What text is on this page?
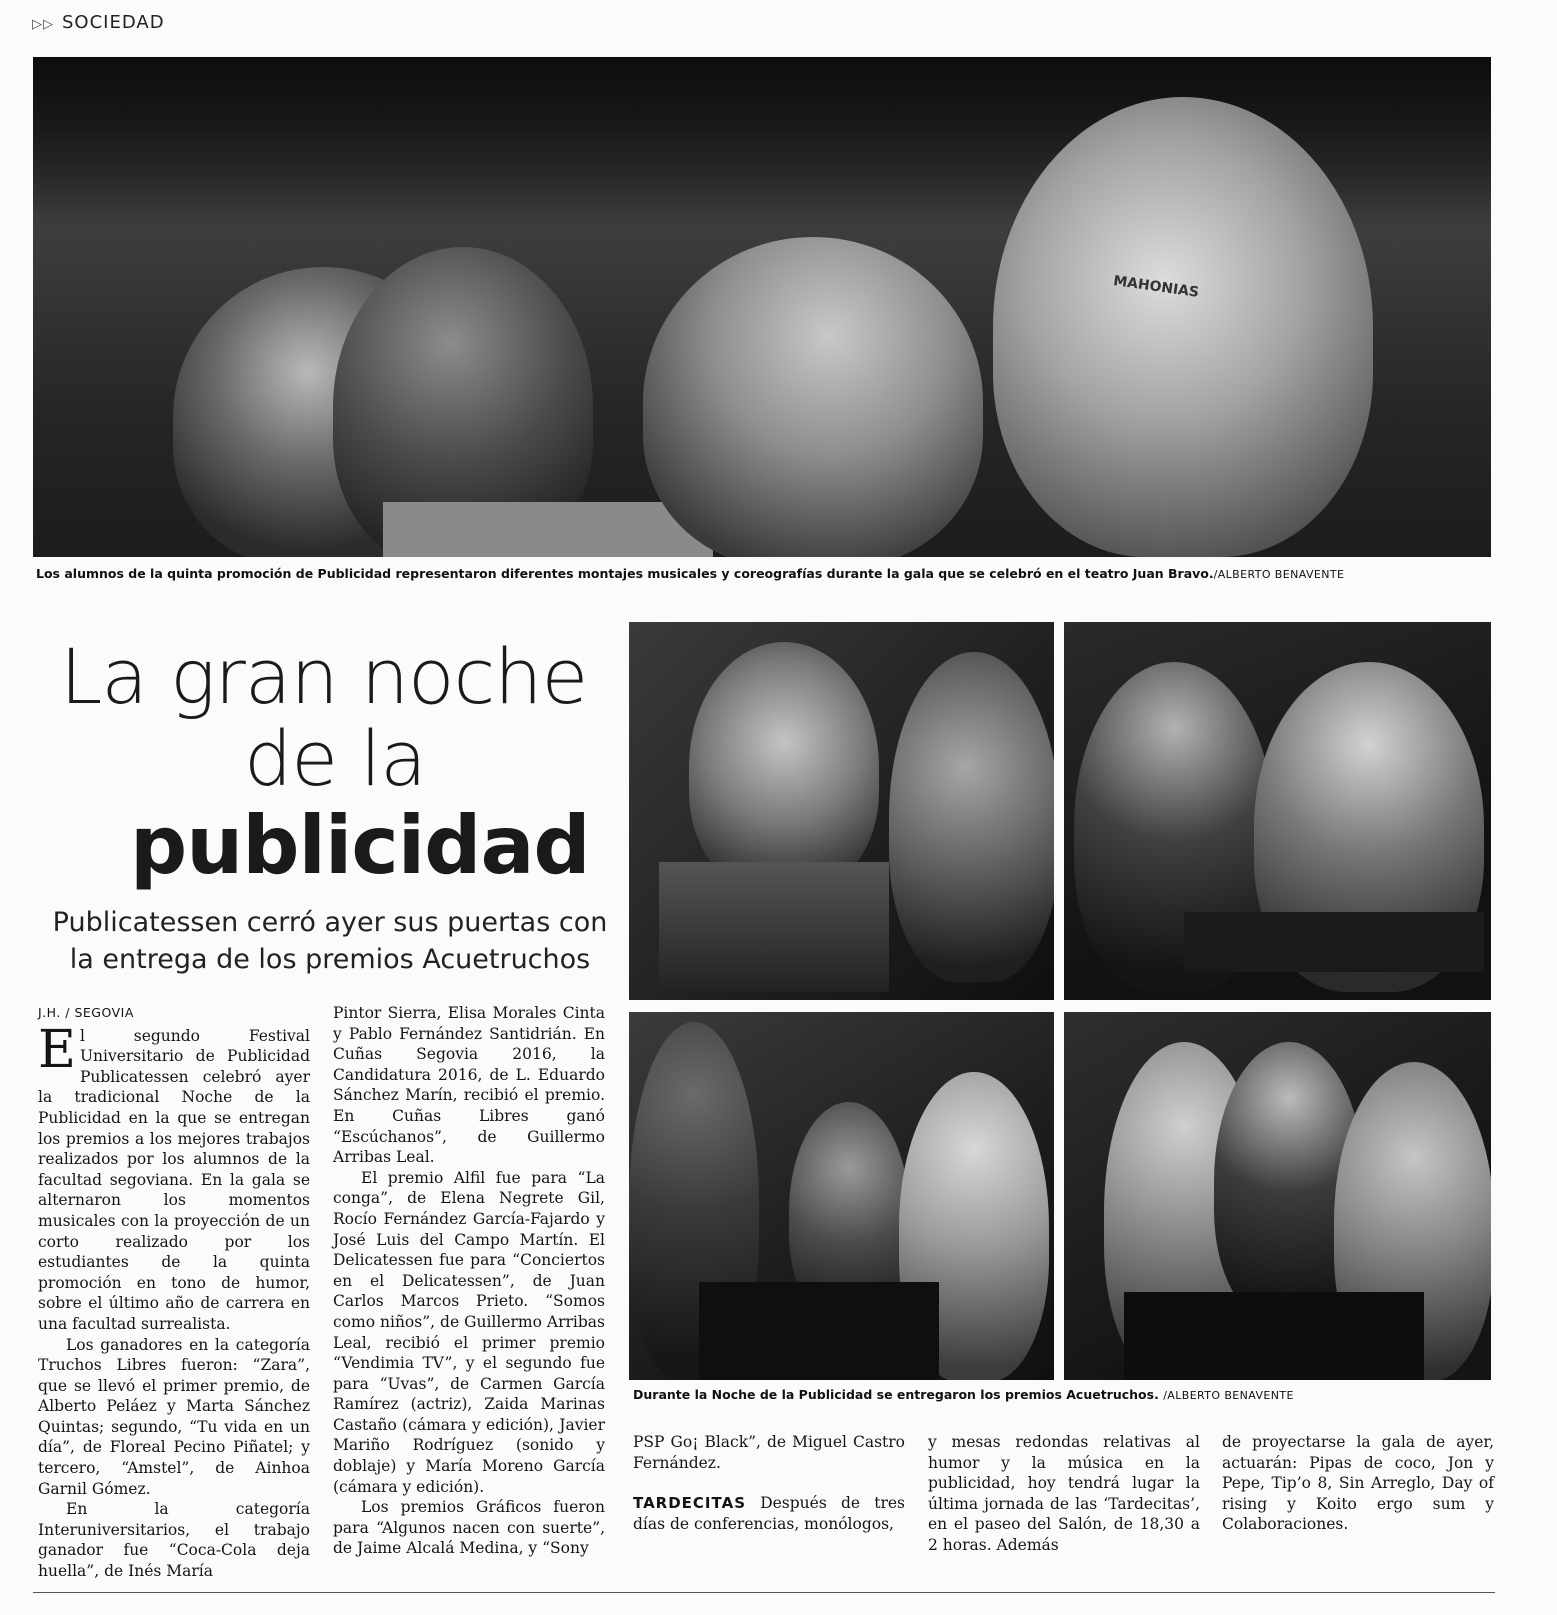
▷▷ SOCIEDAD
MAHONIAS
Los alumnos de la quinta promoción de Publicidad representaron diferentes montajes musicales y coreografías durante la gala que se celebró en el teatro Juan Bravo./ALBERTO BENAVENTE
La gran noche
de la
publicidad
Publicatessen cerró ayer sus puertas con la entrega de los premios Acuetruchos
Durante la Noche de la Publicidad se entregaron los premios Acuetruchos. /ALBERTO BENAVENTE
J.H. / SEGOVIA

El segundo Festival Universitario de Publicidad Publicatessen celebró ayer la tradicional Noche de la Publicidad en la que se entregan los premios a los mejores trabajos realizados por los alumnos de la facultad segoviana. En la gala se alternaron los momentos musicales con la proyección de un corto realizado por los estudiantes de la quinta promoción en tono de humor, sobre el último año de carrera en una facultad surrealista.

Los ganadores en la categoría Truchos Libres fueron: “Zara”, que se llevó el primer premio, de Alberto Peláez y Marta Sánchez Quintas; segundo, “Tu vida en un día”, de Floreal Pecino Piñatel; y tercero, “Amstel”, de Ainhoa Garnil Gómez.

En la categoría Interuniversitarios, el trabajo ganador fue “Coca-Cola deja huella”, de Inés María

Pintor Sierra, Elisa Morales Cinta y Pablo Fernández Santidrián. En Cuñas Segovia 2016, la Candidatura 2016, de L. Eduardo Sánchez Marín, recibió el premio. En Cuñas Libres ganó “Escúchanos”, de Guillermo Arribas Leal.

El premio Alfil fue para “La conga”, de Elena Negrete Gil, Rocío Fernández García-Fajardo y José Luis del Campo Martín. El Delicatessen fue para “Conciertos en el Delicatessen”, de Juan Carlos Marcos Prieto. “Somos como niños”, de Guillermo Arribas Leal, recibió el primer premio “Vendimia TV”, y el segundo fue para “Uvas”, de Carmen García Ramírez (actriz), Zaida Marinas Castaño (cámara y edición), Javier Mariño Rodríguez (sonido y doblaje) y María Moreno García (cámara y edición).

Los premios Gráficos fueron para “Algunos nacen con suerte”, de Jaime Alcalá Medina, y “Sony

PSP Go¡ Black”, de Miguel Castro Fernández.

TARDECITAS Después de tres días de conferencias, monólogos,

y mesas redondas relativas al humor y la música en la publicidad, hoy tendrá lugar la última jornada de las ‘Tardecitas’, en el paseo del Salón, de 18,30 a 2 horas. Además

de proyectarse la gala de ayer, actuarán: Pipas de coco, Jon y Pepe, Tip’o 8, Sin Arreglo, Day of rising y Koito ergo sum y Colaboraciones.
